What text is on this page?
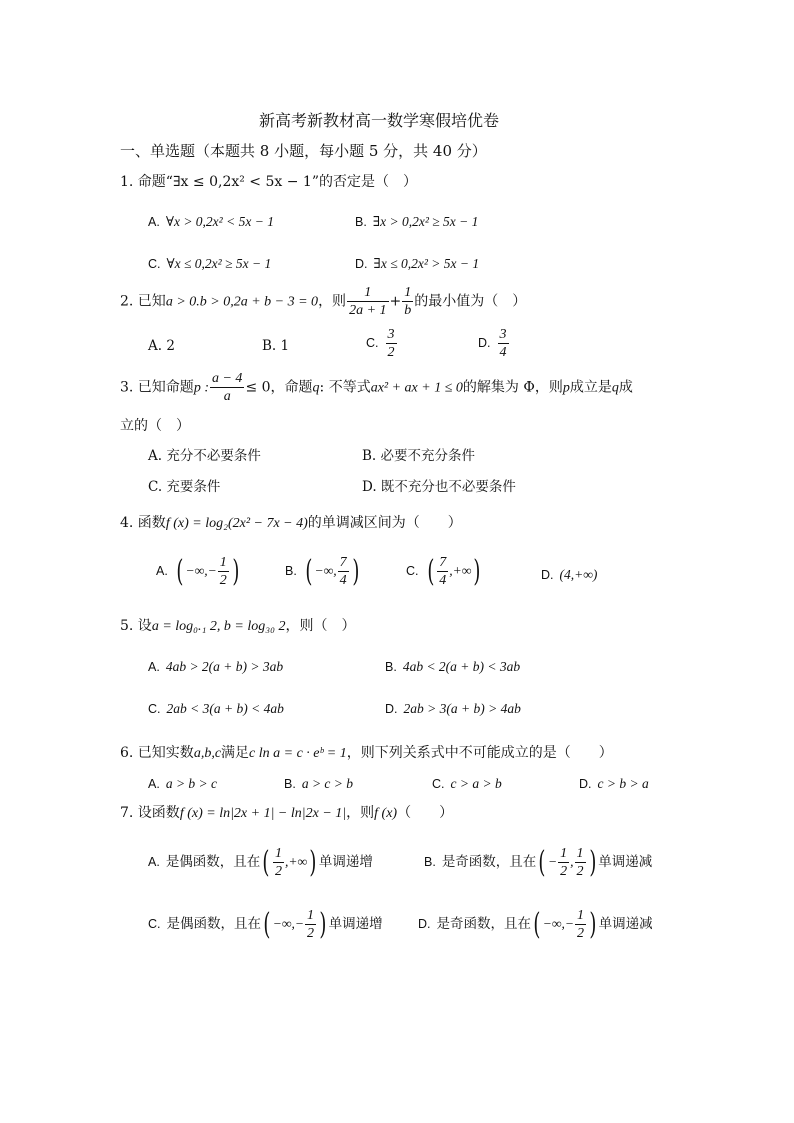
新高考新教材高一数学寒假培优卷
一、单选题（本题共 8 小题，每小题 5 分，共 40 分）
1. 命题“∃x ≤ 0,2x² < 5x − 1”的否定是（　）
A. ∀x > 0,2x² < 5x − 1	B. ∃x > 0,2x² ≥ 5x − 1
C. ∀x ≤ 0,2x² ≥ 5x − 1	D. ∃x ≤ 0,2x² > 5x − 1
2. 已知a > 0.b > 0,2a + b − 3 = 0，则 $\frac{1}{2a + 1} + \frac{1}{b}$ 的最小值为（　）
A. 2	B. 1	C. $\frac{3}{2}$	D. $\frac{3}{4}$
3. 已知命题p : $\frac{a - 4}{a} \le 0$，命题q: 不等式ax² + ax + 1 ≤ 0的解集为 Φ，则p成立是q成
立的（　）
A. 充分不必要条件	B. 必要不充分条件
C. 充要条件	D. 既不充分也不必要条件
4. 函数f (x) = log₂(2x² − 7x − 4)的单调减区间为（　　）
A. ( −∞,− $\frac{1}{2}$ )	B. ( −∞, $\frac{7}{4}$ )	C. ( $\frac{7}{4}$ ,+∞)	D. (4,+∞)
5. 设a = log₀.₁ 2, b = log₃₀ 2，则（　）
A. 4ab > 2(a + b) > 3ab	B. 4ab < 2(a + b) < 3ab
C. 2ab < 3(a + b) < 4ab	D. 2ab > 3(a + b) > 4ab
6. 已知实数a,b,c满足c ln a = c · eᵇ = 1，则下列关系式中不可能成立的是（　　）
A. a > b > c	B. a > c > b	C. c > a > b	D. c > b > a
7. 设函数f (x) = ln|2x + 1| − ln|2x − 1|，则f (x)（　　）
A. 是偶函数，且在( $\frac{1}{2}$ ,+∞) 单调递增	B. 是奇函数，且在( − $\frac{1}{2}$ , $\frac{1}{2}$ ) 单调递减
C. 是偶函数，且在( −∞,− $\frac{1}{2}$ ) 单调递增	D. 是奇函数，且在( −∞,− $\frac{1}{2}$ ) 单调递减
